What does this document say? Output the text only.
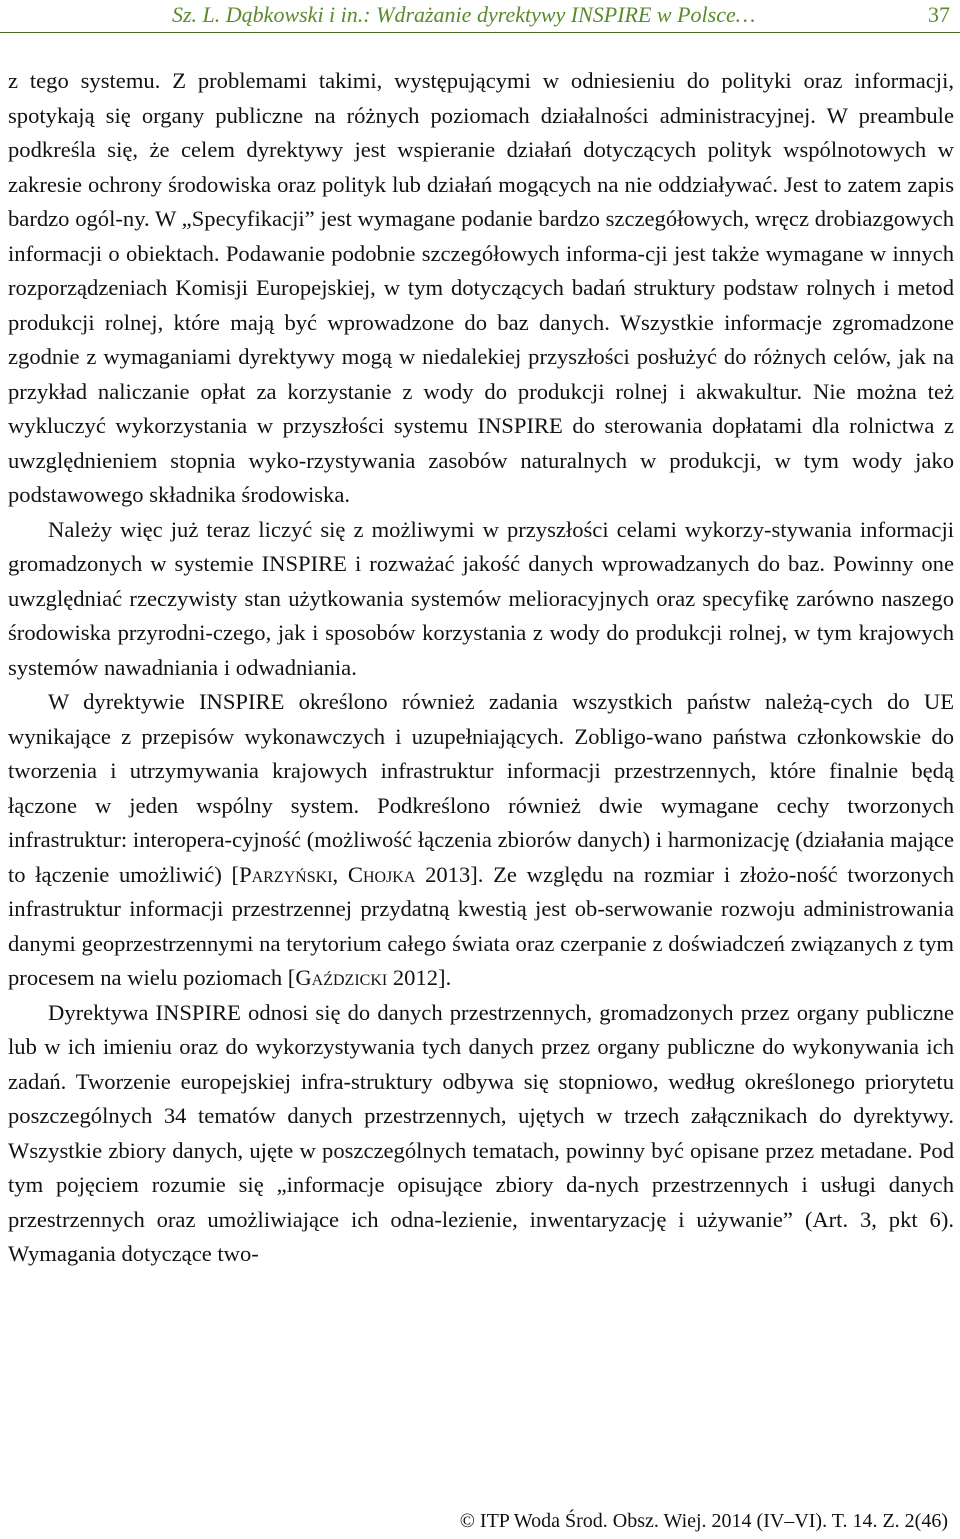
Sz. L. Dąbkowski i in.: Wdrażanie dyrektywy INSPIRE w Polsce…	37

z tego systemu. Z problemami takimi, występującymi w odniesieniu do polityki oraz informacji, spotykają się organy publiczne na różnych poziomach działalności administracyjnej. W preambule podkreśla się, że celem dyrektywy jest wspieranie działań dotyczących polityk wspólnotowych w zakresie ochrony środowiska oraz polityk lub działań mogących na nie oddziaływać. Jest to zatem zapis bardzo ogól-ny. W „Specyfikacji” jest wymagane podanie bardzo szczegółowych, wręcz drobiazgowych informacji o obiektach. Podawanie podobnie szczegółowych informa-cji jest także wymagane w innych rozporządzeniach Komisji Europejskiej, w tym dotyczących badań struktury podstaw rolnych i metod produkcji rolnej, które mają być wprowadzone do baz danych. Wszystkie informacje zgromadzone zgodnie z wymaganiami dyrektywy mogą w niedalekiej przyszłości posłużyć do różnych celów, jak na przykład naliczanie opłat za korzystanie z wody do produkcji rolnej i akwakultur. Nie można też wykluczyć wykorzystania w przyszłości systemu INSPIRE do sterowania dopłatami dla rolnictwa z uwzględnieniem stopnia wyko-rzystywania zasobów naturalnych w produkcji, w tym wody jako podstawowego składnika środowiska.

Należy więc już teraz liczyć się z możliwymi w przyszłości celami wykorzy-stywania informacji gromadzonych w systemie INSPIRE i rozważać jakość danych wprowadzanych do baz. Powinny one uwzględniać rzeczywisty stan użytkowania systemów melioracyjnych oraz specyfikę zarówno naszego środowiska przyrodni-czego, jak i sposobów korzystania z wody do produkcji rolnej, w tym krajowych systemów nawadniania i odwadniania.

W dyrektywie INSPIRE określono również zadania wszystkich państw należą-cych do UE wynikające z przepisów wykonawczych i uzupełniających. Zobligo-wano państwa członkowskie do tworzenia i utrzymywania krajowych infrastruktur informacji przestrzennych, które finalnie będą łączone w jeden wspólny system. Podkreślono również dwie wymagane cechy tworzonych infrastruktur: interopera-cyjność (możliwość łączenia zbiorów danych) i harmonizację (działania mające to łączenie umożliwić) [Parzyński, Chojka 2013]. Ze względu na rozmiar i złożo-ność tworzonych infrastruktur informacji przestrzennej przydatną kwestią jest ob-serwowanie rozwoju administrowania danymi geoprzestrzennymi na terytorium całego świata oraz czerpanie z doświadczeń związanych z tym procesem na wielu poziomach [Gaździcki 2012].

Dyrektywa INSPIRE odnosi się do danych przestrzennych, gromadzonych przez organy publiczne lub w ich imieniu oraz do wykorzystywania tych danych przez organy publiczne do wykonywania ich zadań. Tworzenie europejskiej infra-struktury odbywa się stopniowo, według określonego priorytetu poszczególnych 34 tematów danych przestrzennych, ujętych w trzech załącznikach do dyrektywy. Wszystkie zbiory danych, ujęte w poszczególnych tematach, powinny być opisane przez metadane. Pod tym pojęciem rozumie się „informacje opisujące zbiory da-nych przestrzennych i usługi danych przestrzennych oraz umożliwiające ich odna-lezienie, inwentaryzację i używanie” (Art. 3, pkt 6). Wymagania dotyczące two-

© ITP Woda Środ. Obsz. Wiej. 2014 (IV–VI). T. 14. Z. 2(46)
